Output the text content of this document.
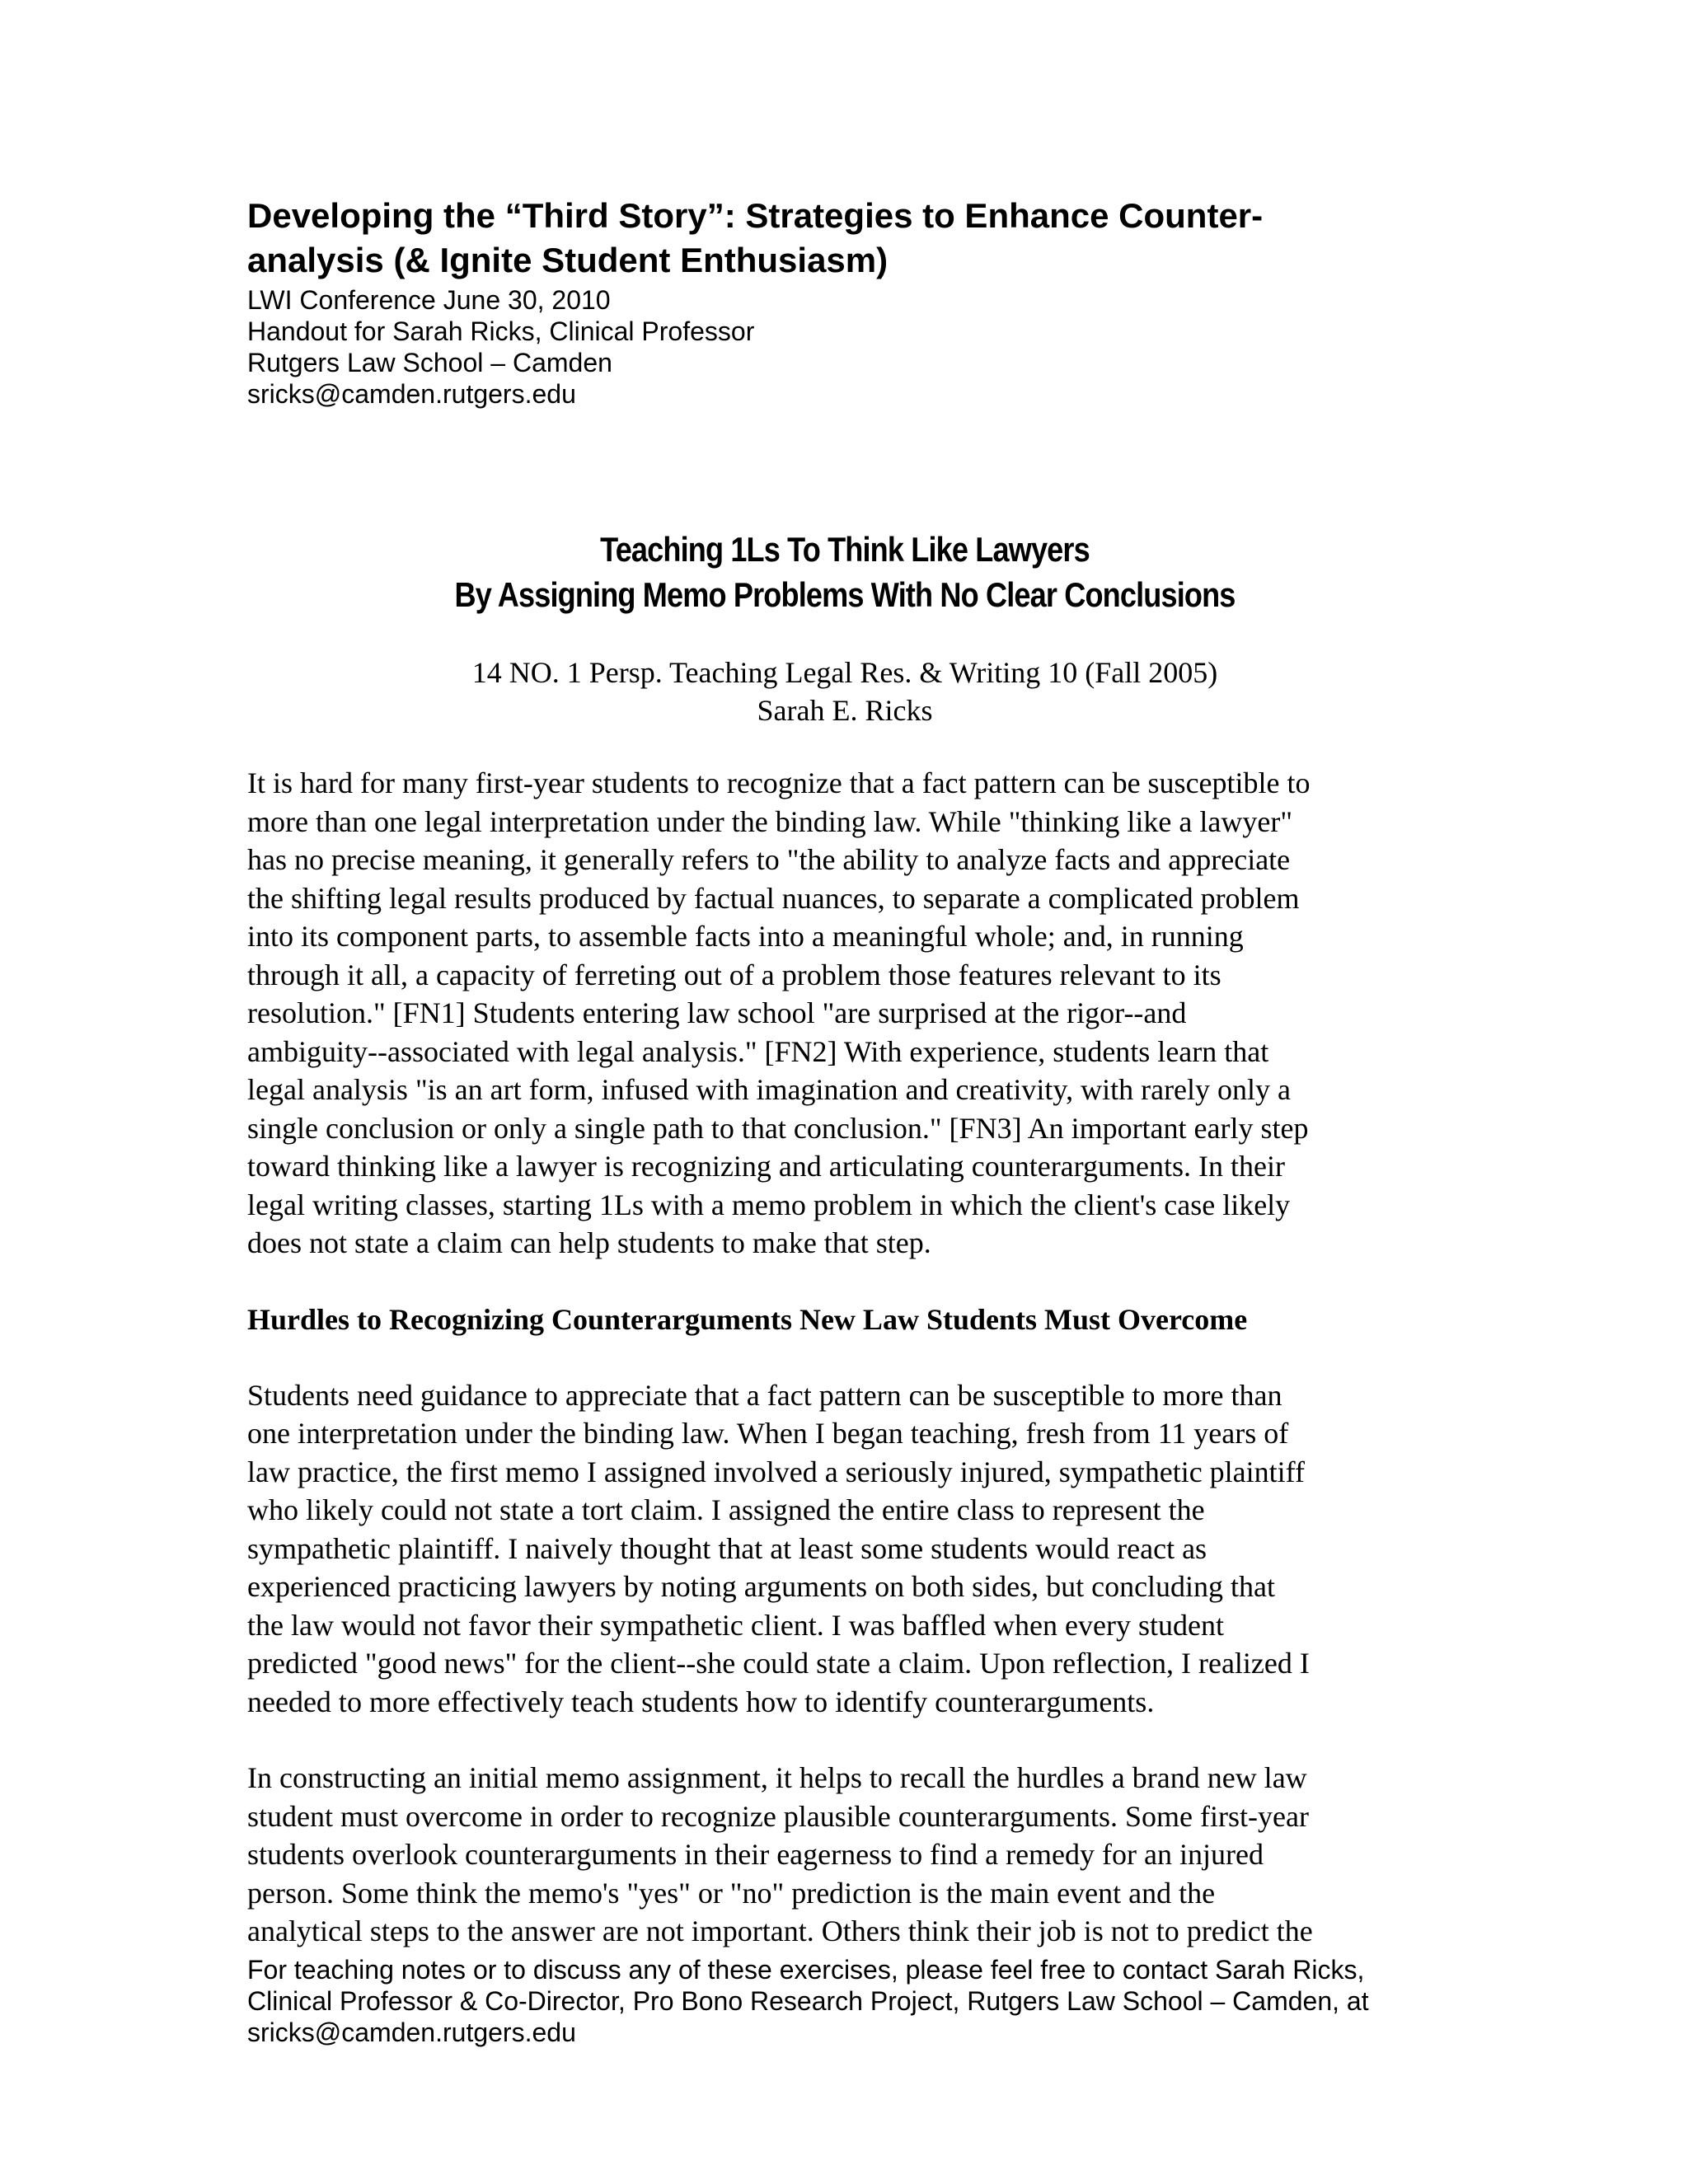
Developing the “Third Story”: Strategies to Enhance Counter-
analysis (& Ignite Student Enthusiasm)
LWI Conference June 30, 2010
Handout for Sarah Ricks, Clinical Professor
Rutgers Law School – Camden
sricks@camden.rutgers.edu
Teaching 1Ls To Think Like Lawyers
By Assigning Memo Problems With No Clear Conclusions
14 NO. 1 Persp. Teaching Legal Res. & Writing 10 (Fall 2005)
Sarah E. Ricks
It is hard for many first-year students to recognize that a fact pattern can be susceptible to
more than one legal interpretation under the binding law. While "thinking like a lawyer"
has no precise meaning, it generally refers to "the ability to analyze facts and appreciate
the shifting legal results produced by factual nuances, to separate a complicated problem
into its component parts, to assemble facts into a meaningful whole; and, in running
through it all, a capacity of ferreting out of a problem those features relevant to its
resolution." [FN1] Students entering law school "are surprised at the rigor--and
ambiguity--associated with legal analysis." [FN2] With experience, students learn that
legal analysis "is an art form, infused with imagination and creativity, with rarely only a
single conclusion or only a single path to that conclusion." [FN3] An important early step
toward thinking like a lawyer is recognizing and articulating counterarguments. In their
legal writing classes, starting 1Ls with a memo problem in which the client's case likely
does not state a claim can help students to make that step.
Hurdles to Recognizing Counterarguments New Law Students Must Overcome
Students need guidance to appreciate that a fact pattern can be susceptible to more than
one interpretation under the binding law. When I began teaching, fresh from 11 years of
law practice, the first memo I assigned involved a seriously injured, sympathetic plaintiff
who likely could not state a tort claim. I assigned the entire class to represent the
sympathetic plaintiff. I naively thought that at least some students would react as
experienced practicing lawyers by noting arguments on both sides, but concluding that
the law would not favor their sympathetic client. I was baffled when every student
predicted "good news" for the client--she could state a claim. Upon reflection, I realized I
needed to more effectively teach students how to identify counterarguments.
In constructing an initial memo assignment, it helps to recall the hurdles a brand new law
student must overcome in order to recognize plausible counterarguments. Some first-year
students overlook counterarguments in their eagerness to find a remedy for an injured
person. Some think the memo's "yes" or "no" prediction is the main event and the
analytical steps to the answer are not important. Others think their job is not to predict the
For teaching notes or to discuss any of these exercises, please feel free to contact Sarah Ricks,
Clinical Professor & Co-Director, Pro Bono Research Project, Rutgers Law School – Camden, at
sricks@camden.rutgers.edu
